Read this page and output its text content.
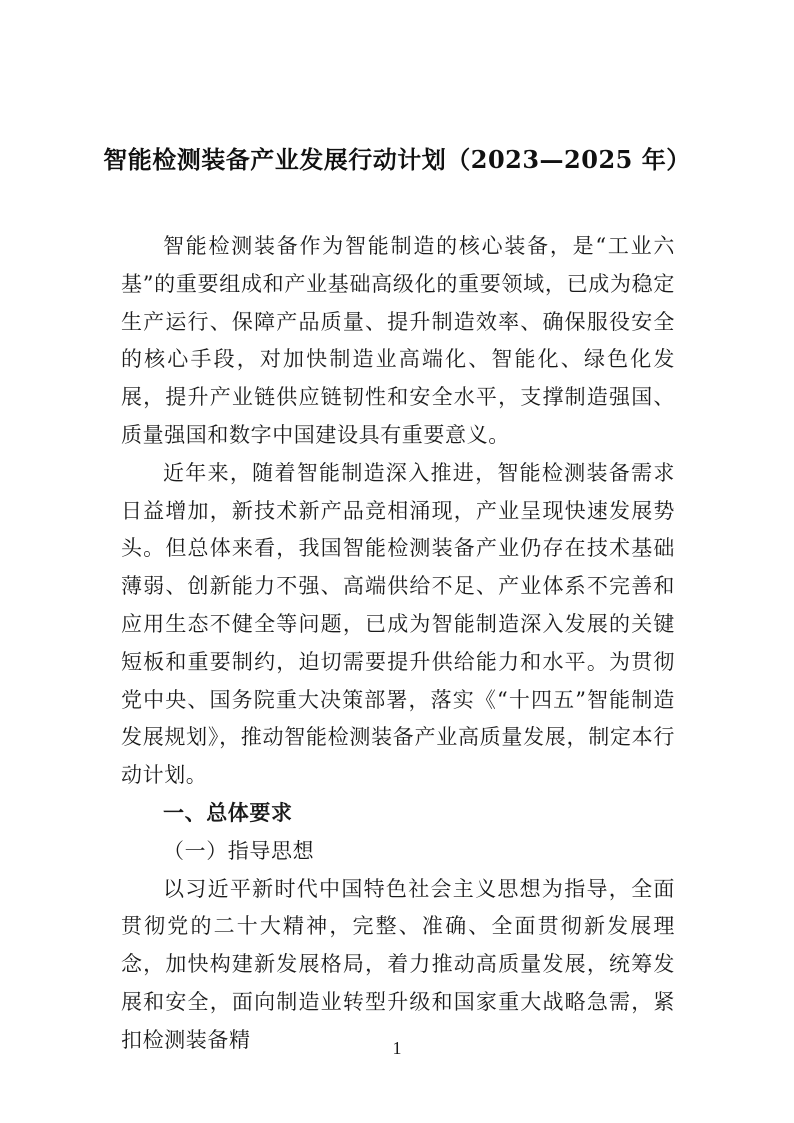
智能检测装备产业发展行动计划（2023—2025 年）

智能检测装备作为智能制造的核心装备，是“工业六基”的重要组成和产业基础高级化的重要领域，已成为稳定生产运行、保障产品质量、提升制造效率、确保服役安全的核心手段，对加快制造业高端化、智能化、绿色化发展，提升产业链供应链韧性和安全水平，支撑制造强国、质量强国和数字中国建设具有重要意义。

近年来，随着智能制造深入推进，智能检测装备需求日益增加，新技术新产品竞相涌现，产业呈现快速发展势头。但总体来看，我国智能检测装备产业仍存在技术基础薄弱、创新能力不强、高端供给不足、产业体系不完善和应用生态不健全等问题，已成为智能制造深入发展的关键短板和重要制约，迫切需要提升供给能力和水平。为贯彻党中央、国务院重大决策部署，落实《“十四五”智能制造发展规划》，推动智能检测装备产业高质量发展，制定本行动计划。

一、总体要求

（一）指导思想

以习近平新时代中国特色社会主义思想为指导，全面贯彻党的二十大精神，完整、准确、全面贯彻新发展理念，加快构建新发展格局，着力推动高质量发展，统筹发展和安全，面向制造业转型升级和国家重大战略急需，紧扣检测装备精	1
